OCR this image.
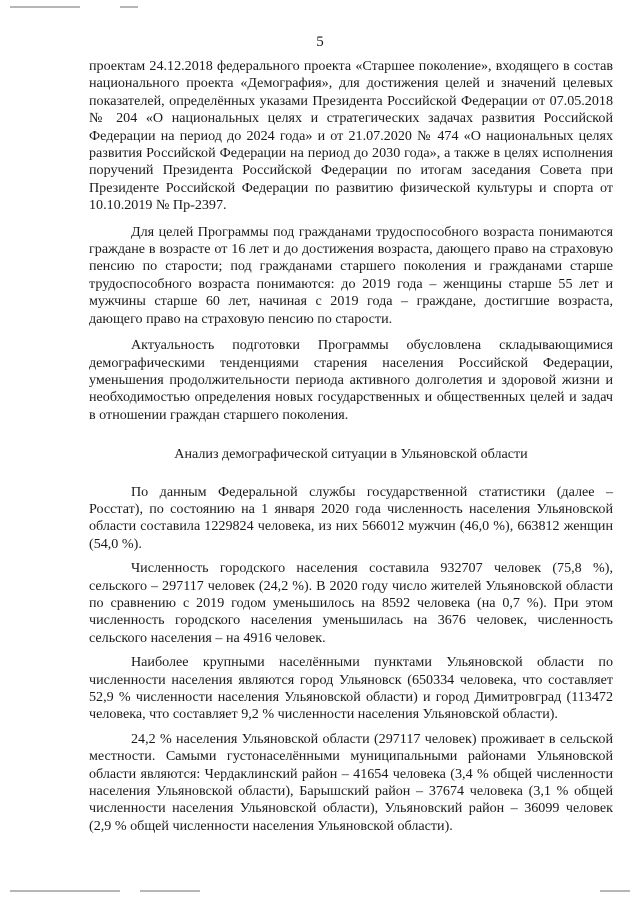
5

проектам 24.12.2018 федерального проекта «Старшее поколение», входящего в состав национального проекта «Демография», для достижения целей и значений целевых показателей, определённых указами Президента Российской Федерации от 07.05.2018 № 204 «О национальных целях и стратегических задачах развития Российской Федерации на период до 2024 года» и от 21.07.2020 № 474 «О национальных целях развития Российской Федерации на период до 2030 года», а также в целях исполнения поручений Президента Российской Федерации по итогам заседания Совета при Президенте Российской Федерации по развитию физической культуры и спорта от 10.10.2019 № Пр-2397.

Для целей Программы под гражданами трудоспособного возраста понимаются граждане в возрасте от 16 лет и до достижения возраста, дающего право на страховую пенсию по старости; под гражданами старшего поколения и гражданами старше трудоспособного возраста понимаются: до 2019 года – женщины старше 55 лет и мужчины старше 60 лет, начиная с 2019 года – граждане, достигшие возраста, дающего право на страховую пенсию по старости.

Актуальность подготовки Программы обусловлена складывающимися демографическими тенденциями старения населения Российской Федерации, уменьшения продолжительности периода активного долголетия и здоровой жизни и необходимостью определения новых государственных и общественных целей и задач в отношении граждан старшего поколения.

Анализ демографической ситуации в Ульяновской области

По данным Федеральной службы государственной статистики (далее – Росстат), по состоянию на 1 января 2020 года численность населения Ульяновской области составила 1229824 человека, из них 566012 мужчин (46,0 %), 663812 женщин (54,0 %).

Численность городского населения составила 932707 человек (75,8 %), сельского – 297117 человек (24,2 %). В 2020 году число жителей Ульяновской области по сравнению с 2019 годом уменьшилось на 8592 человека (на 0,7 %). При этом численность городского населения уменьшилась на 3676 человек, численность сельского населения – на 4916 человек.

Наиболее крупными населёнными пунктами Ульяновской области по численности населения являются город Ульяновск (650334 человека, что составляет 52,9 % численности населения Ульяновской области) и город Димитровград (113472 человека, что составляет 9,2 % численности населения Ульяновской области).

24,2 % населения Ульяновской области (297117 человек) проживает в сельской местности. Самыми густонаселёнными муниципальными районами Ульяновской области являются: Чердаклинский район – 41654 человека (3,4 % общей численности населения Ульяновской области), Барышский район – 37674 человека (3,1 % общей численности населения Ульяновской области), Ульяновский район – 36099 человек (2,9 % общей численности населения Ульяновской области).
